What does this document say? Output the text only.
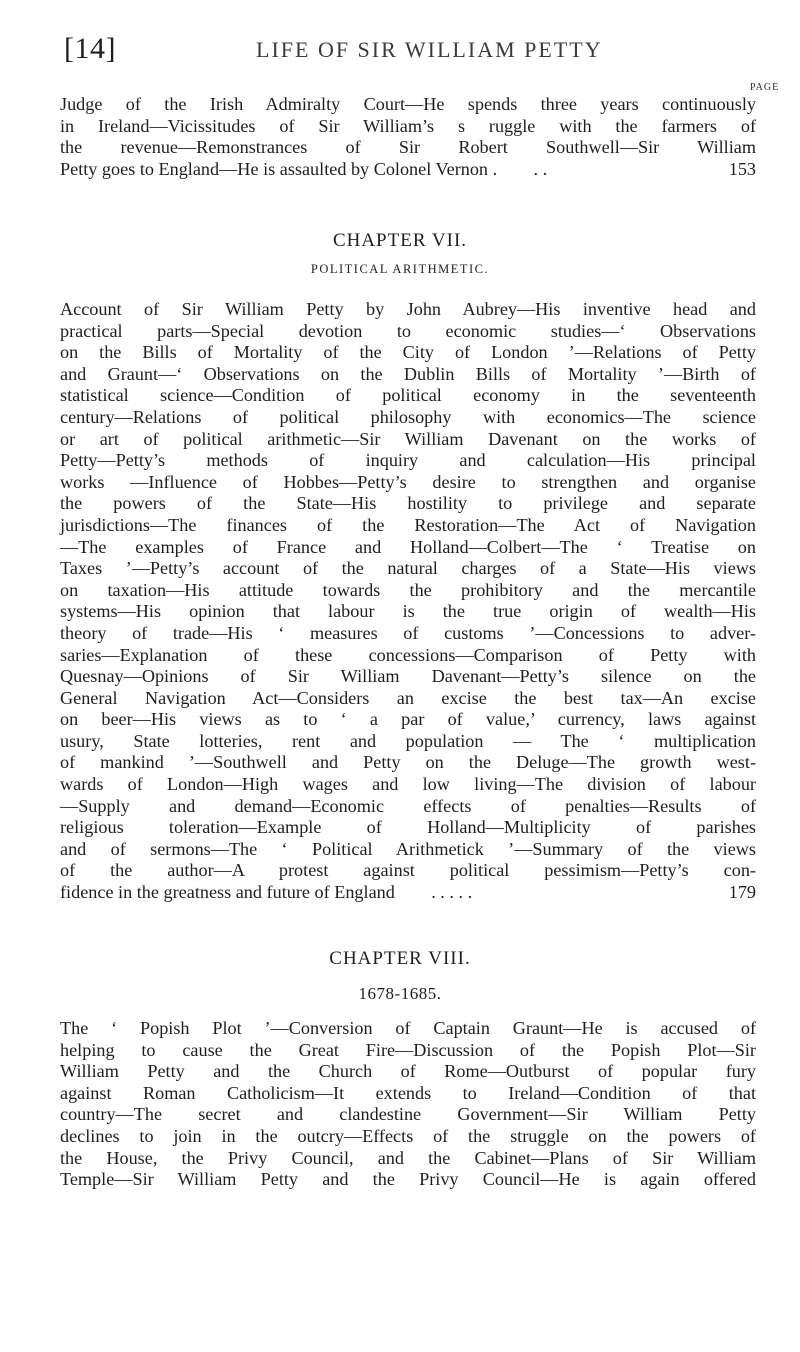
[14]	LIFE OF SIR WILLIAM PETTY
PAGE
Judge of the Irish Admiralty Court—He spends three years continuously
in Ireland—Vicissitudes of Sir William’s s ruggle with the farmers of
the revenue—Remonstrances of Sir Robert Southwell—Sir William
Petty goes to England—He is assaulted by Colonel Vernon .   . .	153
CHAPTER VII.
POLITICAL ARITHMETIC.
Account of Sir William Petty by John Aubrey—His inventive head and
practical parts—Special devotion to economic studies—‘ Observations
on the Bills of Mortality of the City of London ’—Relations of Petty
and Graunt—‘ Observations on the Dublin Bills of Mortality ’—Birth of
statistical science—Condition of political economy in the seventeenth
century—Relations of political philosophy with economics—The science
or art of political arithmetic—Sir William Davenant on the works of
Petty—Petty’s methods of inquiry and calculation—His principal
works —Influence of Hobbes—Petty’s desire to strengthen and organise
the powers of the State—His hostility to privilege and separate
jurisdictions—The finances of the Restoration—The Act of Navigation
—The examples of France and Holland—Colbert—The ‘ Treatise on
Taxes ’—Petty’s account of the natural charges of a State—His views
on taxation—His attitude towards the prohibitory and the mercantile
systems—His opinion that labour is the true origin of wealth—His
theory of trade—His ‘ measures of customs ’—Concessions to adver-
saries—Explanation of these concessions—Comparison of Petty with
Quesnay—Opinions of Sir William Davenant—Petty’s silence on the
General Navigation Act—Considers an excise the best tax—An excise
on beer—His views as to ‘ a par of value,’ currency, laws against
usury, State lotteries, rent and population — The ‘ multiplication
of mankind ’—Southwell and Petty on the Deluge—The growth west-
wards of London—High wages and low living—The division of labour
—Supply and demand—Economic effects of penalties—Results of
religious toleration—Example of Holland—Multiplicity of parishes
and of sermons—The ‘ Political Arithmetick ’—Summary of the views
of the author—A protest against political pessimism—Petty’s con-
fidence in the greatness and future of England   . . . . .	179
CHAPTER VIII.
1678-1685.
The ‘ Popish Plot ’—Conversion of Captain Graunt—He is accused of
helping to cause the Great Fire—Discussion of the Popish Plot—Sir
William Petty and the Church of Rome—Outburst of popular fury
against Roman Catholicism—It extends to Ireland—Condition of that
country—The secret and clandestine Government—Sir William Petty
declines to join in the outcry—Effects of the struggle on the powers of
the House, the Privy Council, and the Cabinet—Plans of Sir William
Temple—Sir William Petty and the Privy Council—He is again offered
